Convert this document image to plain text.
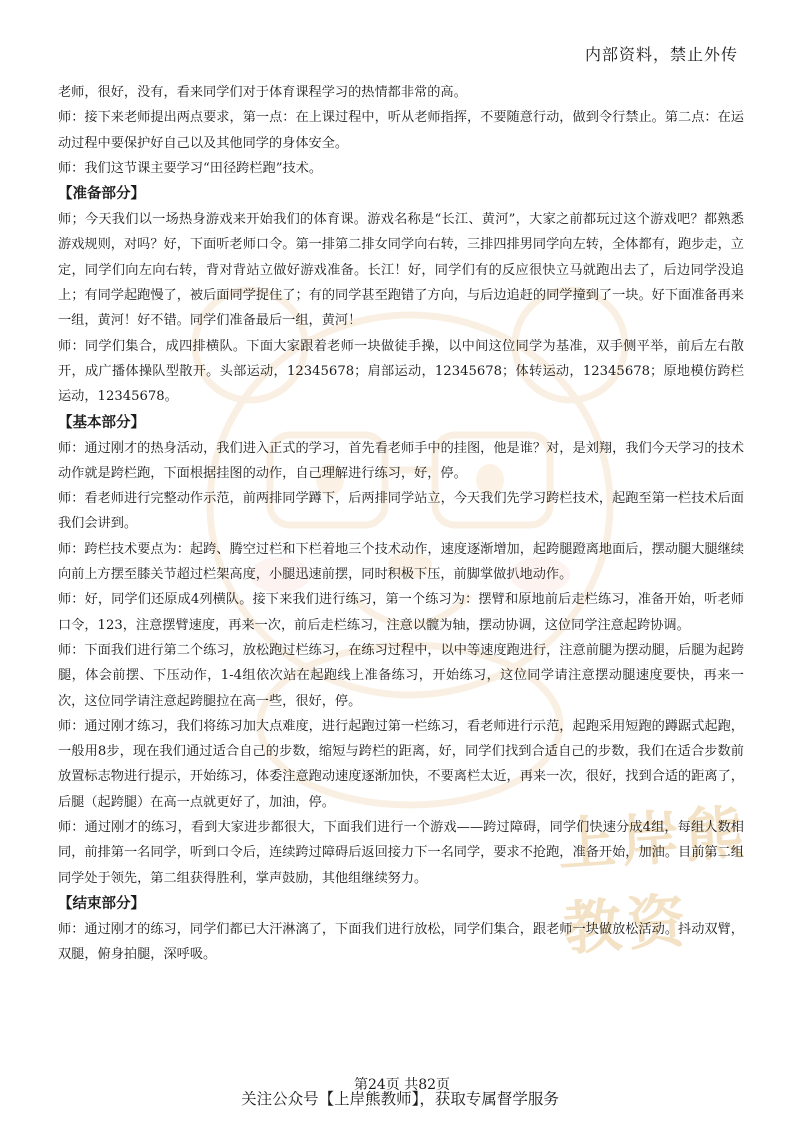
上岸熊教资
内部资料，禁止外传

老师，很好，没有，看来同学们对于体育课程学习的热情都非常的高。

师：接下来老师提出两点要求，第一点：在上课过程中，听从老师指挥，不要随意行动，做到令行禁止。第二点：在运动过程中要保护好自己以及其他同学的身体安全。

师：我们这节课主要学习“田径跨栏跑”技术。

【准备部分】

师；今天我们以一场热身游戏来开始我们的体育课。游戏名称是“长江、黄河”，大家之前都玩过这个游戏吧？都熟悉游戏规则，对吗？好，下面听老师口令。第一排第二排女同学向右转，三排四排男同学向左转，全体都有，跑步走，立定，同学们向左向右转，背对背站立做好游戏准备。长江！好，同学们有的反应很快立马就跑出去了，后边同学没追上；有同学起跑慢了，被后面同学捉住了；有的同学甚至跑错了方向，与后边追赶的同学撞到了一块。好下面准备再来一组，黄河！好不错。同学们准备最后一组，黄河！

师：同学们集合，成四排横队。下面大家跟着老师一块做徒手操，以中间这位同学为基准，双手侧平举，前后左右散开，成广播体操队型散开。头部运动，12345678；肩部运动，12345678；体转运动，12345678；原地模仿跨栏运动，12345678。

【基本部分】

师：通过刚才的热身活动，我们进入正式的学习，首先看老师手中的挂图，他是谁？对，是刘翔，我们今天学习的技术动作就是跨栏跑，下面根据挂图的动作，自己理解进行练习，好，停。

师：看老师进行完整动作示范，前两排同学蹲下，后两排同学站立，今天我们先学习跨栏技术，起跑至第一栏技术后面我们会讲到。

师：跨栏技术要点为：起跨、腾空过栏和下栏着地三个技术动作，速度逐渐增加，起跨腿蹬离地面后，摆动腿大腿继续向前上方摆至膝关节超过栏架高度，小腿迅速前摆，同时积极下压，前脚掌做扒地动作。

师：好，同学们还原成4列横队。接下来我们进行练习，第一个练习为：摆臂和原地前后走栏练习，准备开始，听老师口令，123，注意摆臂速度，再来一次，前后走栏练习，注意以髋为轴，摆动协调，这位同学注意起跨协调。

师：下面我们进行第二个练习，放松跑过栏练习，在练习过程中，以中等速度跑进行，注意前腿为摆动腿，后腿为起跨腿，体会前摆、下压动作，1-4组依次站在起跑线上准备练习，开始练习，这位同学请注意摆动腿速度要快，再来一次，这位同学请注意起跨腿拉在高一些，很好，停。

师：通过刚才练习，我们将练习加大点难度，进行起跑过第一栏练习，看老师进行示范，起跑采用短跑的蹲踞式起跑，一般用8步，现在我们通过适合自己的步数，缩短与跨栏的距离，好，同学们找到合适自己的步数，我们在适合步数前放置标志物进行提示，开始练习，体委注意跑动速度逐渐加快，不要离栏太近，再来一次，很好，找到合适的距离了，后腿（起跨腿）在高一点就更好了，加油，停。

师：通过刚才的练习，看到大家进步都很大，下面我们进行一个游戏——跨过障碍，同学们快速分成4组，每组人数相同，前排第一名同学，听到口令后，连续跨过障碍后返回接力下一名同学，要求不抢跑，准备开始，加油。目前第二组同学处于领先，第二组获得胜利，掌声鼓励，其他组继续努力。

【结束部分】

师：通过刚才的练习，同学们都已大汗淋漓了，下面我们进行放松，同学们集合，跟老师一块做放松活动。抖动双臂，双腿，俯身拍腿，深呼吸。

第24页 共82页
关注公众号【上岸熊教师】，获取专属督学服务
